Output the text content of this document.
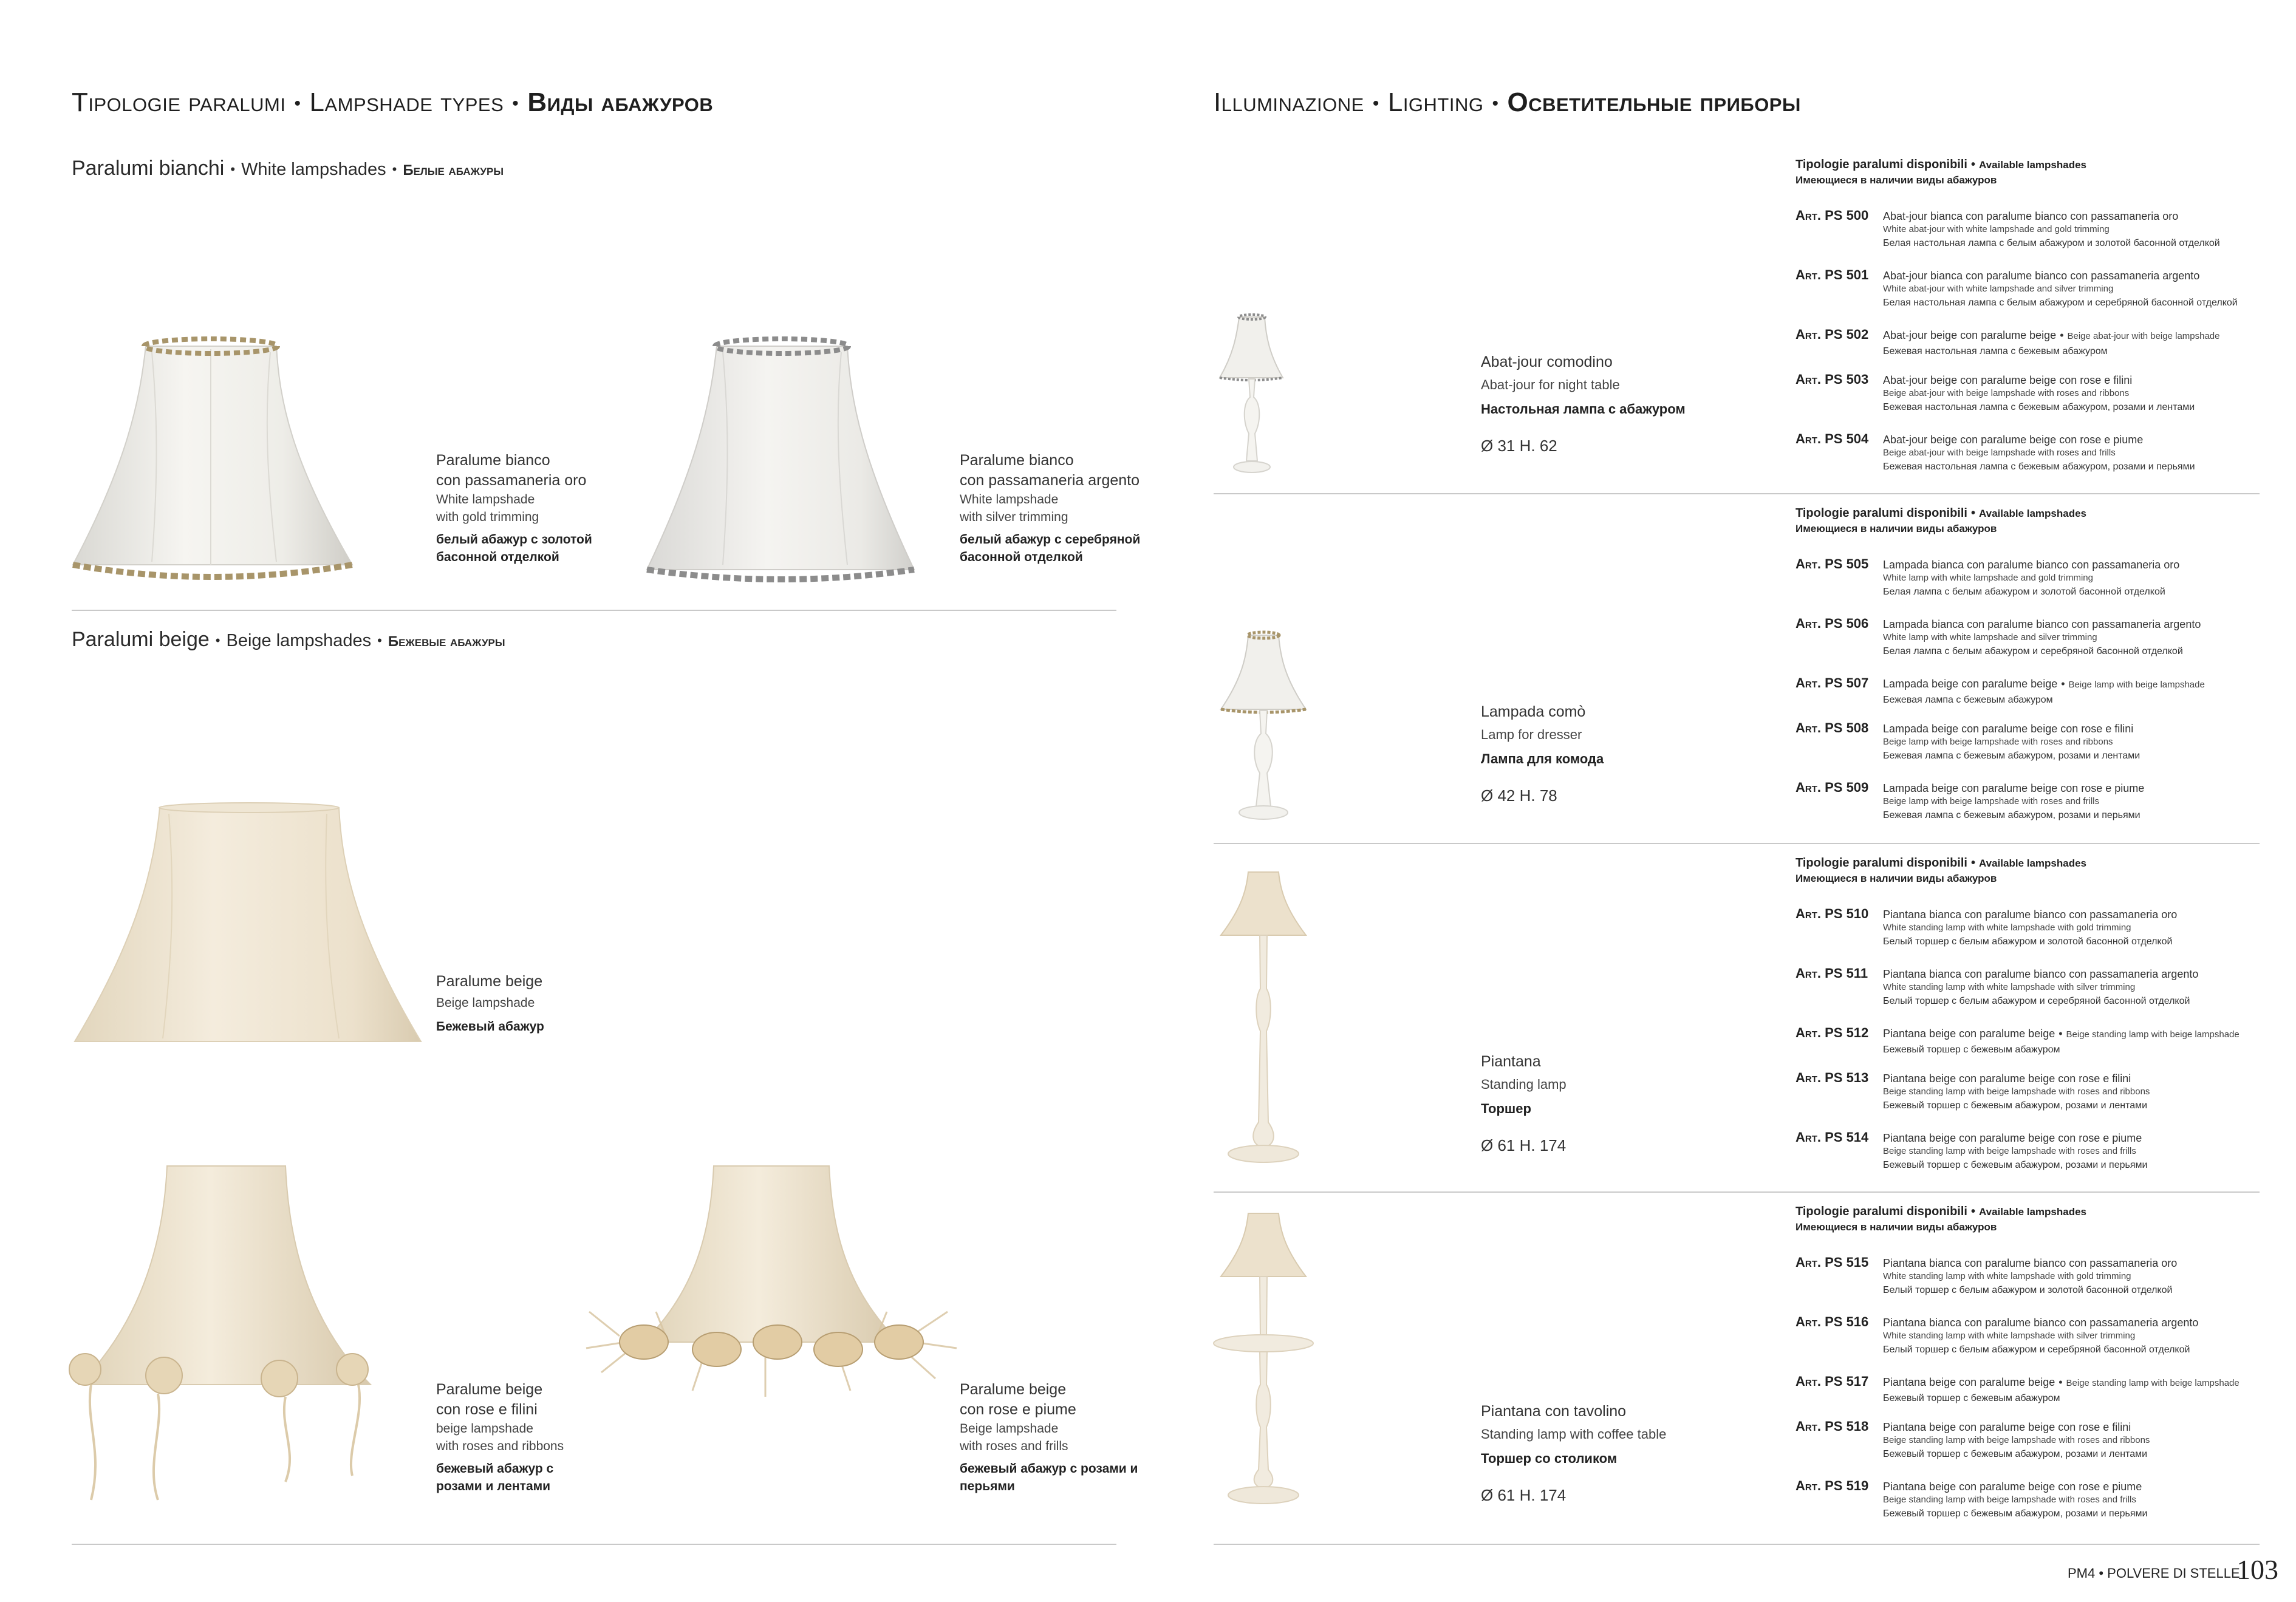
Tipologie paralumi • Lampshade types • Виды абажуров
Paralumi bianchi • White lampshades • Белые абажуры
Paralume bianco
con passamaneria oro
White lampshade
with gold trimming
белый абажур с золотой
басонной отделкой
Paralume bianco
con passamaneria argento
White lampshade
with silver trimming
белый абажур с серебряной
басонной отделкой
Paralumi beige • Beige lampshades • Бежевые абажуры
Paralume beige
Beige lampshade
Бежевый абажур
Paralume beige
con rose e filini
beige lampshade
with roses and ribbons
бежевый абажур с
розами и лентами
Paralume beige
con rose e piume
Beige lampshade
with roses and frills
бежевый абажур с розами и
перьями
Illuminazione • Lighting • Осветительные приборы
Abat-jour comodino
Abat-jour for night table
Настольная лампа с абажуром
Ø 31 H. 62
Lampada comò
Lamp for dresser
Лампа для комода
Ø 42 H. 78
Piantana
Standing lamp
Торшер
Ø 61 H. 174
Piantana con tavolino
Standing lamp with coffee table
Торшер со столиком
Ø 61 H. 174
Tipologie paralumi disponibili • Available lampshades
Имеющиеся в наличии виды абажуров
Art. PS 500 Abat-jour bianca con paralume bianco con passamaneria oro
White abat-jour with white lampshade and gold trimming
Белая настольная лампа с белым абажуром и золотой басонной отделкой
Art. PS 501 Abat-jour bianca con paralume bianco con passamaneria argento
White abat-jour with white lampshade and silver trimming
Белая настольная лампа с белым абажуром и серебряной басонной отделкой
Art. PS 502 Abat-jour beige con paralume beige • Beige abat-jour with beige lampshade
Бежевая настольная лампа с бежевым абажуром
Art. PS 503 Abat-jour beige con paralume beige con rose e filini
Beige abat-jour with beige lampshade with roses and ribbons
Бежевая настольная лампа с бежевым абажуром, розами и лентами
Art. PS 504 Abat-jour beige con paralume beige con rose e piume
Beige abat-jour with beige lampshade with roses and frills
Бежевая настольная лампа с бежевым абажуром, розами и перьями
Tipologie paralumi disponibili • Available lampshades
Имеющиеся в наличии виды абажуров
Art. PS 505 Lampada bianca con paralume bianco con passamaneria oro
White lamp with white lampshade and gold trimming
Белая лампа с белым абажуром и золотой басонной отделкой
Art. PS 506 Lampada bianca con paralume bianco con passamaneria argento
White lamp with white lampshade and silver trimming
Белая лампа с белым абажуром и серебряной басонной отделкой
Art. PS 507 Lampada beige con paralume beige • Beige lamp with beige lampshade
Бежевая лампа с бежевым абажуром
Art. PS 508 Lampada beige con paralume beige con rose e filini
Beige lamp with beige lampshade with roses and ribbons
Бежевая лампа с бежевым абажуром, розами и лентами
Art. PS 509 Lampada beige con paralume beige con rose e piume
Beige lamp with beige lampshade with roses and frills
Бежевая лампа с бежевым абажуром, розами и перьями
Tipologie paralumi disponibili • Available lampshades
Имеющиеся в наличии виды абажуров
Art. PS 510 Piantana bianca con paralume bianco con passamaneria oro
White standing lamp with white lampshade with gold trimming
Белый торшер с белым абажуром и золотой басонной отделкой
Art. PS 511 Piantana bianca con paralume bianco con passamaneria argento
White standing lamp with white lampshade with silver trimming
Белый торшер с белым абажуром и серебряной басонной отделкой
Art. PS 512 Piantana beige con paralume beige • Beige standing lamp with beige lampshade
Бежевый торшер с бежевым абажуром
Art. PS 513 Piantana beige con paralume beige con rose e filini
Beige standing lamp with beige lampshade with roses and ribbons
Бежевый торшер с бежевым абажуром, розами и лентами
Art. PS 514 Piantana beige con paralume beige con rose e piume
Beige standing lamp with beige lampshade with roses and frills
Бежевый торшер с бежевым абажуром, розами и перьями
Tipologie paralumi disponibili • Available lampshades
Имеющиеся в наличии виды абажуров
Art. PS 515 Piantana bianca con paralume bianco con passamaneria oro
White standing lamp with white lampshade with gold trimming
Белый торшер с белым абажуром и золотой басонной отделкой
Art. PS 516 Piantana bianca con paralume bianco con passamaneria argento
White standing lamp with white lampshade with silver trimming
Белый торшер с белым абажуром и серебряной басонной отделкой
Art. PS 517 Piantana beige con paralume beige • Beige standing lamp with beige lampshade
Бежевый торшер с бежевым абажуром
Art. PS 518 Piantana beige con paralume beige con rose e filini
Beige standing lamp with beige lampshade with roses and ribbons
Бежевый торшер с бежевым абажуром, розами и лентами
Art. PS 519 Piantana beige con paralume beige con rose e piume
Beige standing lamp with beige lampshade with roses and frills
Бежевый торшер с бежевым абажуром, розами и перьями
PM4 • POLVERE DI STELLE
103
